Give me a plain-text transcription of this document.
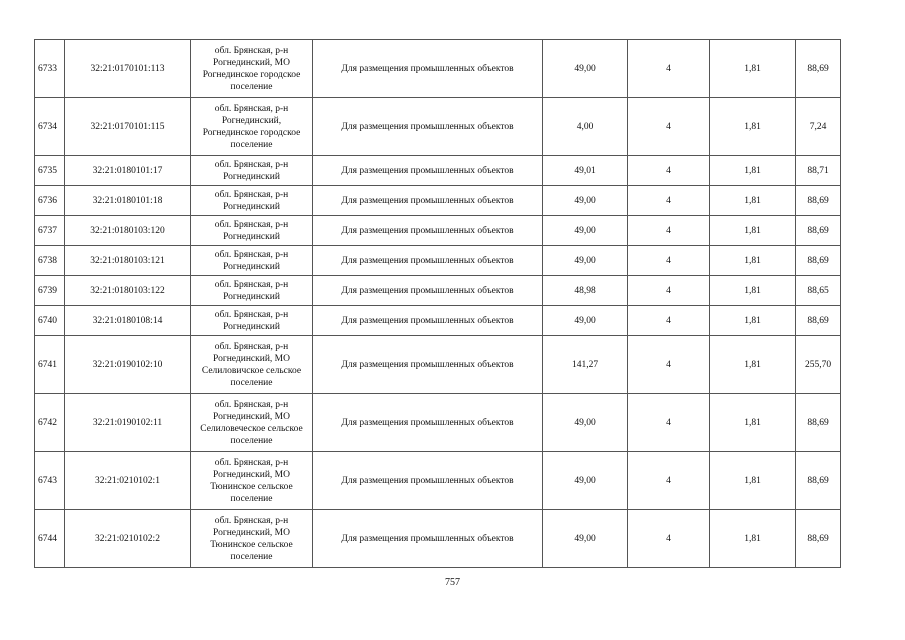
6733	32:21:0170101:113	обл. Брянская, р-н
Рогнединский, МО
Рогнединское городское
поселение	Для размещения промышленных объектов	49,00	4	1,81	88,69
6734	32:21:0170101:115	обл. Брянская, р-н
Рогнединский,
Рогнединское городское
поселение	Для размещения промышленных объектов	4,00	4	1,81	7,24
6735	32:21:0180101:17	обл. Брянская, р-н
Рогнединский	Для размещения промышленных объектов	49,01	4	1,81	88,71
6736	32:21:0180101:18	обл. Брянская, р-н
Рогнединский	Для размещения промышленных объектов	49,00	4	1,81	88,69
6737	32:21:0180103:120	обл. Брянская, р-н
Рогнединский	Для размещения промышленных объектов	49,00	4	1,81	88,69
6738	32:21:0180103:121	обл. Брянская, р-н
Рогнединский	Для размещения промышленных объектов	49,00	4	1,81	88,69
6739	32:21:0180103:122	обл. Брянская, р-н
Рогнединский	Для размещения промышленных объектов	48,98	4	1,81	88,65
6740	32:21:0180108:14	обл. Брянская, р-н
Рогнединский	Для размещения промышленных объектов	49,00	4	1,81	88,69
6741	32:21:0190102:10	обл. Брянская, р-н
Рогнединский, МО
Селиловичское сельское
поселение	Для размещения промышленных объектов	141,27	4	1,81	255,70
6742	32:21:0190102:11	обл. Брянская, р-н
Рогнединский, МО
Селиловеческое сельское
поселение	Для размещения промышленных объектов	49,00	4	1,81	88,69
6743	32:21:0210102:1	обл. Брянская, р-н
Рогнединский, МО
Тюнинское сельское
поселение	Для размещения промышленных объектов	49,00	4	1,81	88,69
6744	32:21:0210102:2	обл. Брянская, р-н
Рогнединский, МО
Тюнинское сельское
поселение	Для размещения промышленных объектов	49,00	4	1,81	88,69
757
